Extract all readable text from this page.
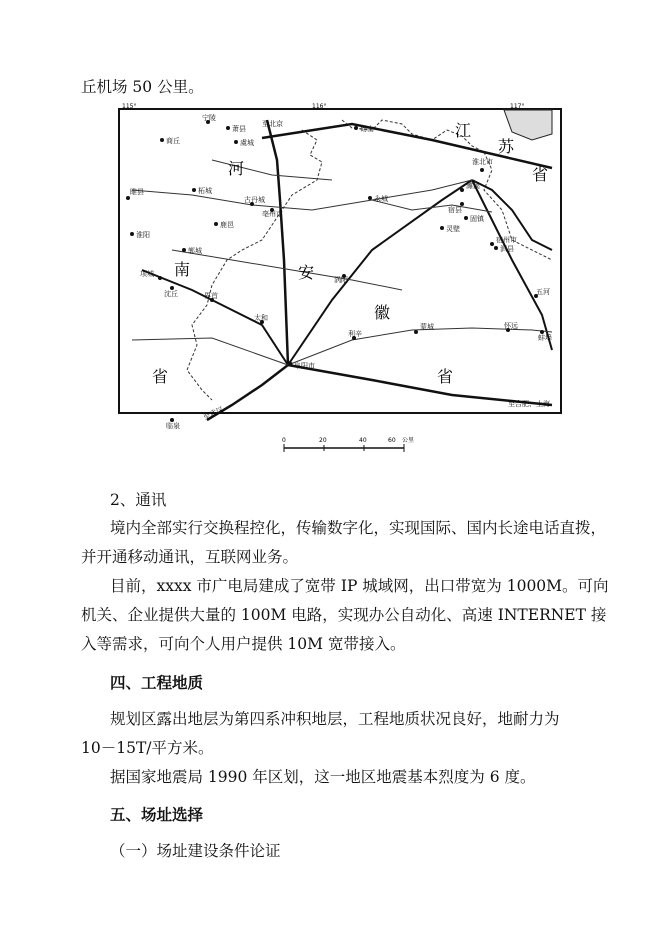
丘机场 50 公里。
河
南
省
江
苏
省
安
徽
省
至北京
至武汉
至合肥、上海
砀山
萧县
商丘
柘城
古丹城
亳州市
永城
宿县
灵壁
泗县
涡阳
蒙城
利辛
怀远
蚌埠
阜阳市
太和
临泉
界首
沈丘
项城
鹿邑
郸城
淮阳
睢县
宁陵
虞城
五河
淮北市
濉溪
宿州市
固镇
115°	116°	117°
0	20	40	60 公里
2、通讯
境内全部实行交换程控化，传输数字化，实现国际、国内长途电话直拨，
并开通移动通讯，互联网业务。
目前，xxxx 市广电局建成了宽带 IP 城域网，出口带宽为 1000M。可向
机关、企业提供大量的 100M 电路，实现办公自动化、高速 INTERNET 接
入等需求，可向个人用户提供 10M 宽带接入。
四、工程地质
规划区露出地层为第四系冲积地层，工程地质状况良好，地耐力为
10－15T/平方米。
据国家地震局 1990 年区划，这一地区地震基本烈度为 6 度。
五、场址选择
（一）场址建设条件论证
